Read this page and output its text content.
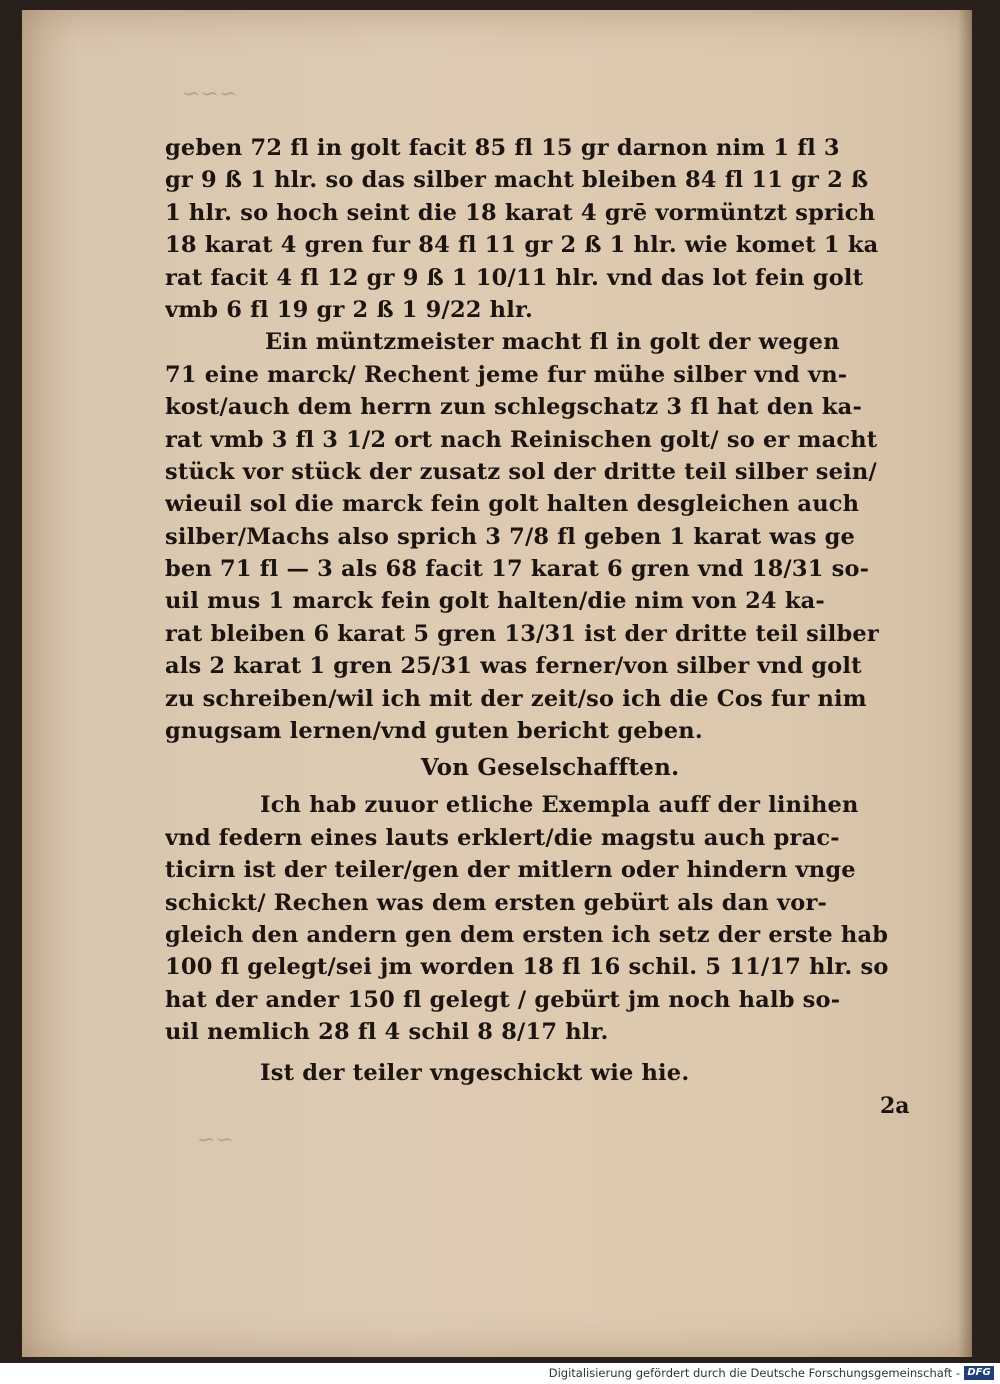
~~~
~~
geben 72 fl in golt facit 85 fl 15 gr darnon nim 1 fl 3
gr 9 ß 1 hlr. so das silber macht bleiben 84 fl 11 gr 2 ß
1 hlr. so hoch seint die 18 karat 4 grē vormüntzt sprich
18 karat 4 gren fur 84 fl 11 gr 2 ß 1 hlr. wie komet 1 ka
rat facit 4 fl 12 gr 9 ß 1 10/11 hlr. vnd das lot fein golt
vmb 6 fl 19 gr 2 ß 1 9/22 hlr.
Ein müntzmeister macht fl in golt der wegen
71 eine marck/ Rechent jeme fur mühe silber vnd vn-
kost/auch dem herrn zun schlegschatz 3 fl hat den ka-
rat vmb 3 fl 3 1/2 ort nach Reinischen golt/ so er macht
stück vor stück der zusatz sol der dritte teil silber sein/
wieuil sol die marck fein golt halten desgleichen auch
silber/Machs also sprich 3 7/8 fl geben 1 karat was ge
ben 71 fl — 3 als 68 facit 17 karat 6 gren vnd 18/31 so-
uil mus 1 marck fein golt halten/die nim von 24 ka-
rat bleiben 6 karat 5 gren 13/31 ist der dritte teil silber
als 2 karat 1 gren 25/31 was ferner/von silber vnd golt
zu schreiben/wil ich mit der zeit/so ich die Cos fur nim
gnugsam lernen/vnd guten bericht geben.
Von Geselschafften.
Ich hab zuuor etliche Exempla auff der linihen
vnd federn eines lauts erklert/die magstu auch prac-
ticirn ist der teiler/gen der mitlern oder hindern vnge
schickt/ Rechen was dem ersten gebürt als dan vor-
gleich den andern gen dem ersten ich setz der erste hab
100 fl gelegt/sei jm worden 18 fl 16 schil. 5 11/17 hlr. so
hat der ander 150 fl gelegt / gebürt jm noch halb so-
uil nemlich 28 fl 4 schil 8 8/17 hlr.
Ist der teiler vngeschickt wie hie.
2a
Digitalisierung gefördert durch die Deutsche Forschungsgemeinschaft - DFG
